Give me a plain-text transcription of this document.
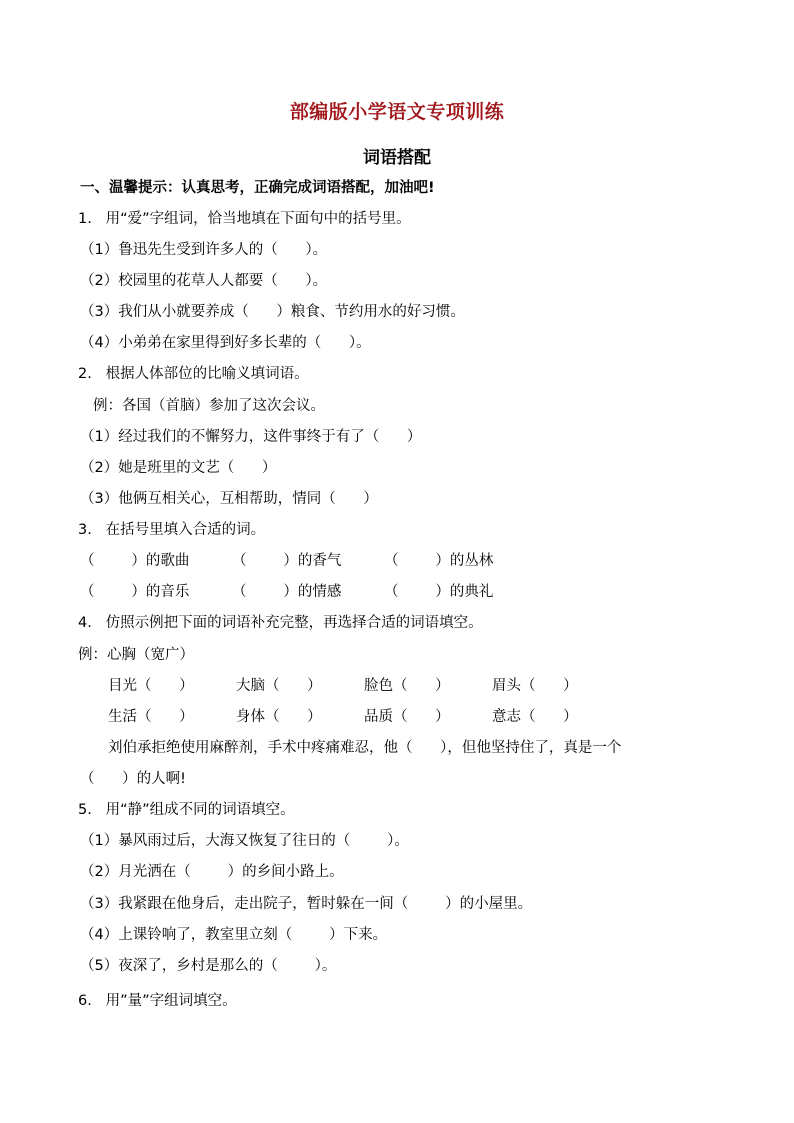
部编版小学语文专项训练
词语搭配
一、温馨提示：认真思考，正确完成词语搭配，加油吧!
1.   用“爱”字组词，恰当地填在下面句中的括号里。
（1）鲁迅先生受到许多人的（      ）。
（2）校园里的花草人人都要（      ）。
（3）我们从小就要养成（      ）粮食、节约用水的好习惯。
（4）小弟弟在家里得到好多长辈的（      ）。
2.   根据人体部位的比喻义填词语。
例：各国（首脑）参加了这次会议。
（1）经过我们的不懈努力，这件事终于有了（      ）
（2）她是班里的文艺（      ）
（3）他俩互相关心，互相帮助，情同（      ）
3.   在括号里填入合适的词。
（        ）的歌曲	（        ）的香气	（        ）的丛林
（        ）的音乐	（        ）的情感	（        ）的典礼
4.   仿照示例把下面的词语补充完整，再选择合适的词语填空。
例：心胸（宽广）
目光（      ）	大脑（      ）	脸色（      ）	眉头（      ）
生活（      ）	身体（      ）	品质（      ）	意志（      ）
刘伯承拒绝使用麻醉剂，手术中疼痛难忍，他（      ），但他坚持住了，真是一个
（      ）的人啊!
5.   用“静”组成不同的词语填空。
（1）暴风雨过后，大海又恢复了往日的（        ）。
（2）月光洒在（        ）的乡间小路上。
（3）我紧跟在他身后，走出院子，暂时躲在一间（        ）的小屋里。
（4）上课铃响了，教室里立刻（        ）下来。
（5）夜深了，乡村是那么的（        ）。
6.   用”量”字组词填空。
